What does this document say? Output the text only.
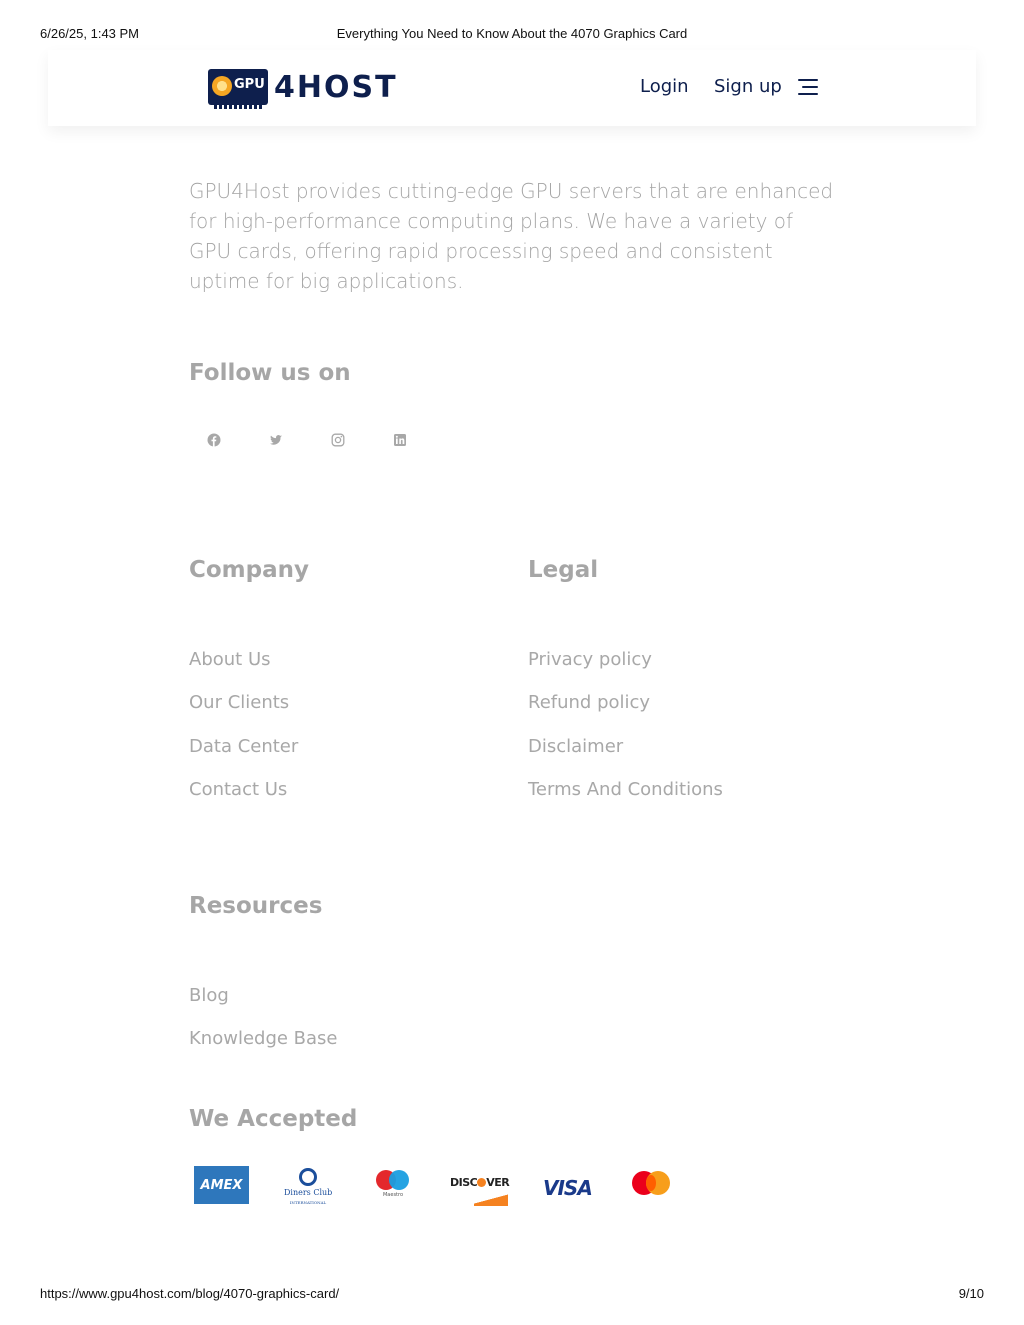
6/26/25, 1:43 PM	Everything You Need to Know About the 4070 Graphics Card
GPU 4HOST	Login Sign up

GPU4Host provides cutting-edge GPU servers that are enhanced for high-performance computing plans. We have a variety of GPU cards, offering rapid processing speed and consistent uptime for big applications.

Follow us on
Company
About Us
Our Clients
Data Center
Contact Us
Legal
Privacy policy
Refund policy
Disclaimer
Terms And Conditions
Resources
Blog
Knowledge Base
We Accepted
AMEX	Diners Club
INTERNATIONAL
Maestro
DISC VER VISA
https://www.gpu4host.com/blog/4070-graphics-card/	9/10
